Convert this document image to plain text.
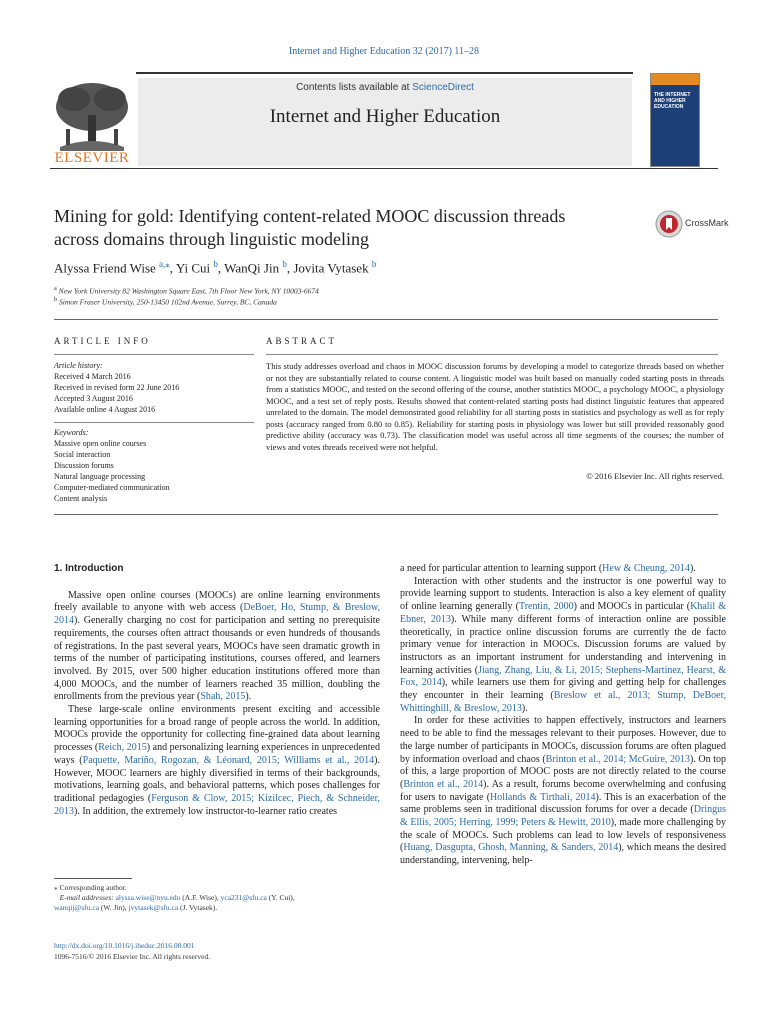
Internet and Higher Education 32 (2017) 11–28
ELSEVIER
Contents lists available at ScienceDirect
Internet and Higher Education
THE INTERNET AND HIGHER EDUCATION
Mining for gold: Identifying content-related MOOC discussion threads
across domains through linguistic modeling
CrossMark
Alyssa Friend Wise $^{a,⁎}$, Yi Cui $^b$, WanQi Jin $^b$, Jovita Vytasek $^b$
$^a$ New York University 82 Washington Square East, 7th Floor New York, NY 10003-6674
$^b$ Simon Fraser University, 250-13450 102nd Avenue, Surrey, BC, Canada
ARTICLE INFO
Article history:
Received 4 March 2016
Received in revised form 22 June 2016
Accepted 3 August 2016
Available online 4 August 2016
Keywords:
Massive open online courses
Social interaction
Discussion forums
Natural language processing
Computer-mediated communication
Content analysis
ABSTRACT
This study addresses overload and chaos in MOOC discussion forums by developing a model to categorize threads based on whether or not they are substantially related to course content. A linguistic model was built based on manually coded starting posts in threads from a statistics MOOC, and tested on the second offering of the course, another statistics MOOC, a psychology MOOC, a physiology MOOC, and a test set of reply posts. Results showed that content-related starting posts had distinct linguistic features that appeared unrelated to the domain. The model demonstrated good reliability for all starting posts in statistics and psychology as well as for reply posts (accuracy ranged from 0.80 to 0.85). Reliability for starting posts in physiology was lower but still provided reasonably good predictive ability (accuracy was 0.73). The classification model was useful across all time segments of the courses; the number of views and votes threads received were not helpful.
© 2016 Elsevier Inc. All rights reserved.
1. Introduction

Massive open online courses (MOOCs) are online learning environments freely available to anyone with web access (DeBoer, Ho, Stump, & Breslow, 2014). Generally charging no cost for participation and setting no prerequisite requirements, the courses often attract thousands or even hundreds of thousands of registrations. In the past several years, MOOCs have seen dramatic growth in terms of the number of participating institutions, courses offered, and learners involved. By 2015, over 500 higher education institutions offered more than 4,000 MOOCs, and the number of learners reached 35 million, doubling the enrollments from the previous year (Shah, 2015).

These large-scale online environments present exciting and accessible learning opportunities for a broad range of people across the world. In addition, MOOCs provide the opportunity for collecting fine-grained data about learning processes (Reich, 2015) and personalizing learning experiences in unprecedented ways (Paquette, Mariño, Rogozan, & Léonard, 2015; Williams et al., 2014). However, MOOC learners are highly diversified in terms of their backgrounds, motivations, learning goals, and behavioral patterns, which poses challenges for traditional pedagogies (Ferguson & Clow, 2015; Kizilcec, Piech, & Schneider, 2013). In addition, the extremely low instructor-to-learner ratio creates

a need for particular attention to learning support (Hew & Cheung, 2014).

Interaction with other students and the instructor is one powerful way to provide learning support to students. Interaction is also a key element of quality of online learning generally (Trentin, 2000) and MOOCs in particular (Khalil & Ebner, 2013). While many different forms of interaction online are possible theoretically, in practice online discussion forums are currently the de facto primary venue for interaction in MOOCs. Discussion forums are valued by instructors as an important instrument for understanding and intervening in learning activities (Jiang, Zhang, Liu, & Li, 2015; Stephens-Martinez, Hearst, & Fox, 2014), while learners use them for giving and getting help for challenges they encounter in their learning (Breslow et al., 2013; Stump, DeBoer, Whittinghill, & Breslow, 2013).

In order for these activities to happen effectively, instructors and learners need to be able to find the messages relevant to their purposes. However, due to the large number of participants in MOOCs, discussion forums are often plagued by information overload and chaos (Brinton et al., 2014; McGuire, 2013). On top of this, a large proportion of MOOC posts are not directly related to the course (Brinton et al., 2014). As a result, forums become overwhelming and confusing for users to navigate (Hollands & Tirthali, 2014). This is an exacerbation of the same problems seen in traditional discussion forums for over a decade (Dringus & Ellis, 2005; Herring, 1999; Peters & Hewitt, 2010), made more challenging by the scale of MOOCs. Such problems can lead to low levels of responsiveness (Huang, Dasgupta, Ghosh, Manning, & Sanders, 2014), which means the desired understanding, intervening, help-

⁎ Corresponding author.
E-mail addresses: alyssa.wise@nyu.edu (A.F. Wise), yca231@sfu.ca (Y. Cui),
wanqij@sfu.ca (W. Jin), jvytasek@sfu.ca (J. Vytasek).
http://dx.doi.org/10.1016/j.iheduc.2016.08.001
1096-7516/© 2016 Elsevier Inc. All rights reserved.
